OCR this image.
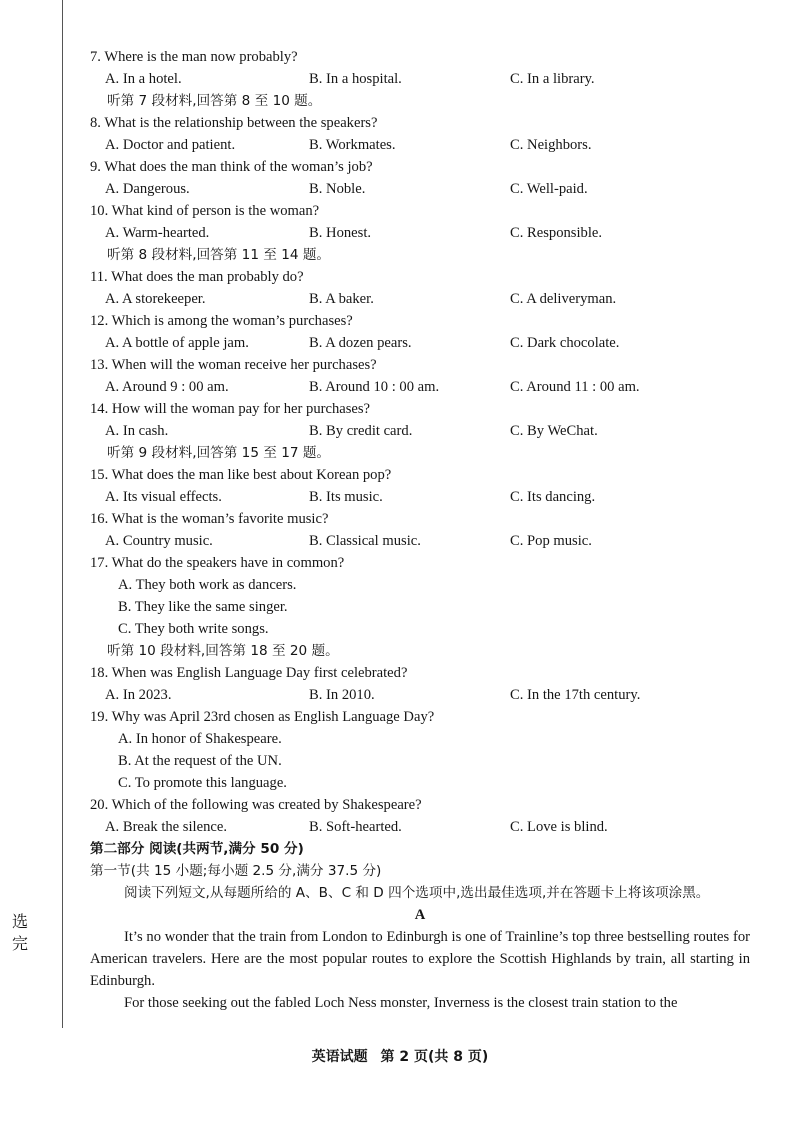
选
完
7. Where is the man now probably?
A. In a hotel.	B. In a hospital.	C. In a library.
听第 7 段材料,回答第 8 至 10 题。
8. What is the relationship between the speakers?
A. Doctor and patient.	B. Workmates.	C. Neighbors.
9. What does the man think of the woman’s job?
A. Dangerous.	B. Noble.	C. Well-paid.
10. What kind of person is the woman?
A. Warm-hearted.	B. Honest.	C. Responsible.
听第 8 段材料,回答第 11 至 14 题。
11. What does the man probably do?
A. A storekeeper.	B. A baker.	C. A deliveryman.
12. Which is among the woman’s purchases?
A. A bottle of apple jam.	B. A dozen pears.	C. Dark chocolate.
13. When will the woman receive her purchases?
A. Around 9 : 00 am.	B. Around 10 : 00 am.	C. Around 11 : 00 am.
14. How will the woman pay for her purchases?
A. In cash.	B. By credit card.	C. By WeChat.
听第 9 段材料,回答第 15 至 17 题。
15. What does the man like best about Korean pop?
A. Its visual effects.	B. Its music.	C. Its dancing.
16. What is the woman’s favorite music?
A. Country music.	B. Classical music.	C. Pop music.
17. What do the speakers have in common?
A. They both work as dancers.
B. They like the same singer.
C. They both write songs.
听第 10 段材料,回答第 18 至 20 题。
18. When was English Language Day first celebrated?
A. In 2023.	B. In 2010.	C. In the 17th century.
19. Why was April 23rd chosen as English Language Day?
A. In honor of Shakespeare.
B. At the request of the UN.
C. To promote this language.
20. Which of the following was created by Shakespeare?
A. Break the silence.	B. Soft-hearted.	C. Love is blind.
第二部分 阅读(共两节,满分 50 分)
第一节(共 15 小题;每小题 2.5 分,满分 37.5 分)
阅读下列短文,从每题所给的 A、B、C 和 D 四个选项中,选出最佳选项,并在答题卡上将该项涂黑。
A
It’s no wonder that the train from London to Edinburgh is one of Trainline’s top three bestselling routes for American travelers. Here are the most popular routes to explore the Scottish Highlands by train, all starting in Edinburgh.
For those seeking out the fabled Loch Ness monster, Inverness is the closest train station to the
英语试题 第 2 页(共 8 页)
